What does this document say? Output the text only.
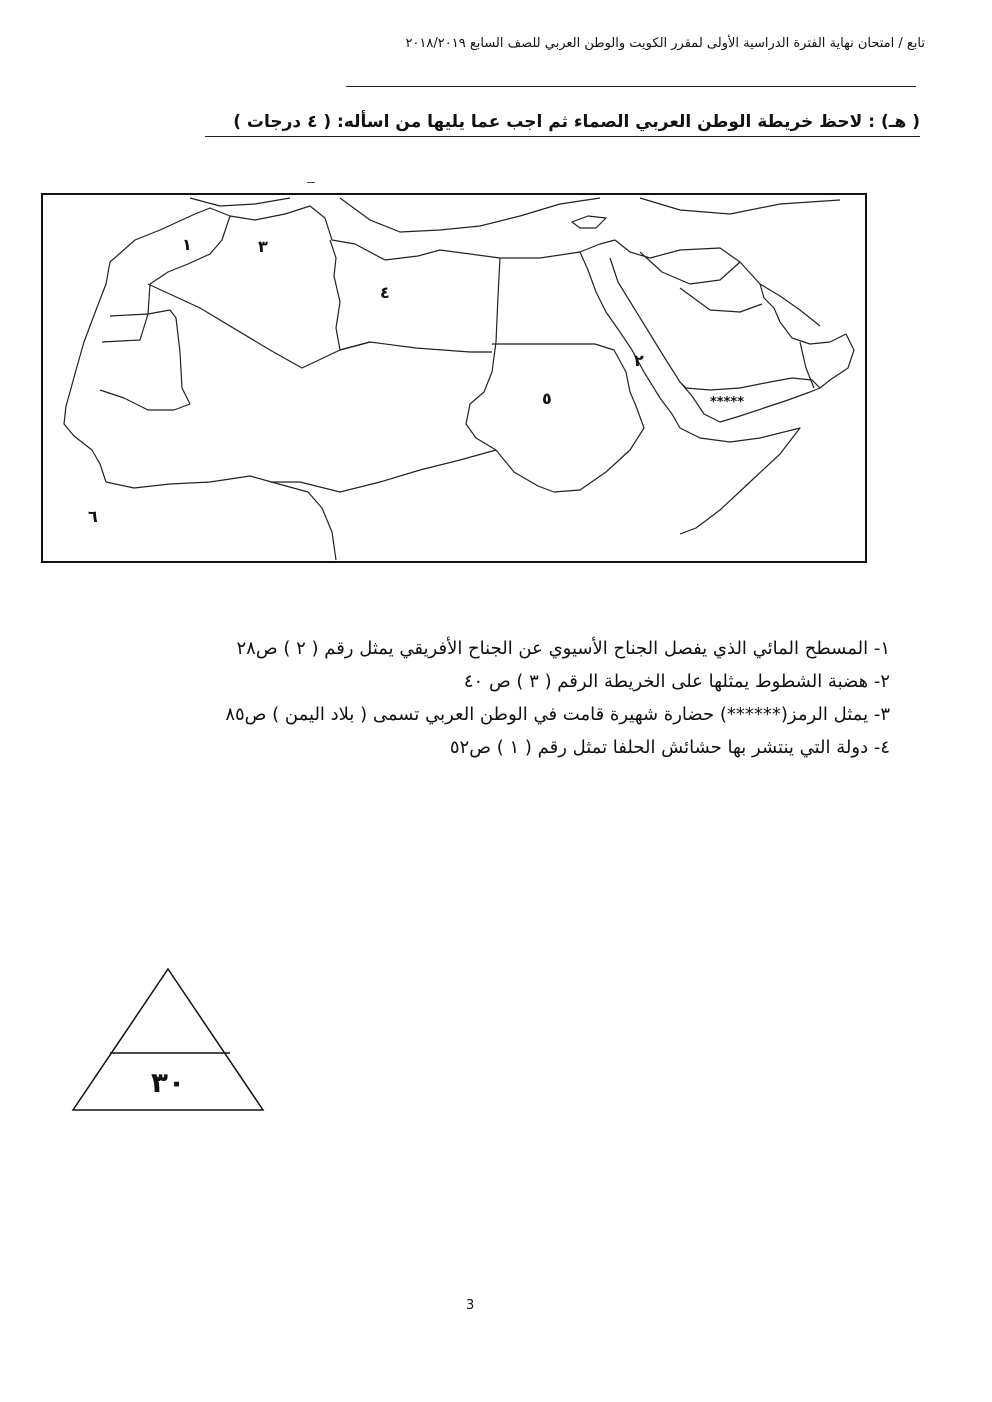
تابع / امتحان نهاية الفترة الدراسية الأولى لمقرر الكويت والوطن العربي للصف السابع ٢٠١٨/٢٠١٩
( هـ) : لاحظ خريطة الوطن العربي الصماء ثم اجب عما يليها من اسأله: ( ٤ درجات )
١	٣
٤
٢
٥
٦
*****
١- المسطح المائي الذي يفصل الجناح الأسيوي عن الجناح الأفريقي يمثل رقم ( ٢ ) ص٢٨
٢- هضبة الشطوط يمثلها على الخريطة الرقم ( ٣ ) ص ٤٠
٣- يمثل الرمز(******) حضارة شهيرة قامت في الوطن العربي تسمى ( بلاد اليمن ) ص٨٥
٤- دولة التي ينتشر بها حشائش الحلفا تمثل رقم ( ١ ) ص٥٢
٣٠
3
